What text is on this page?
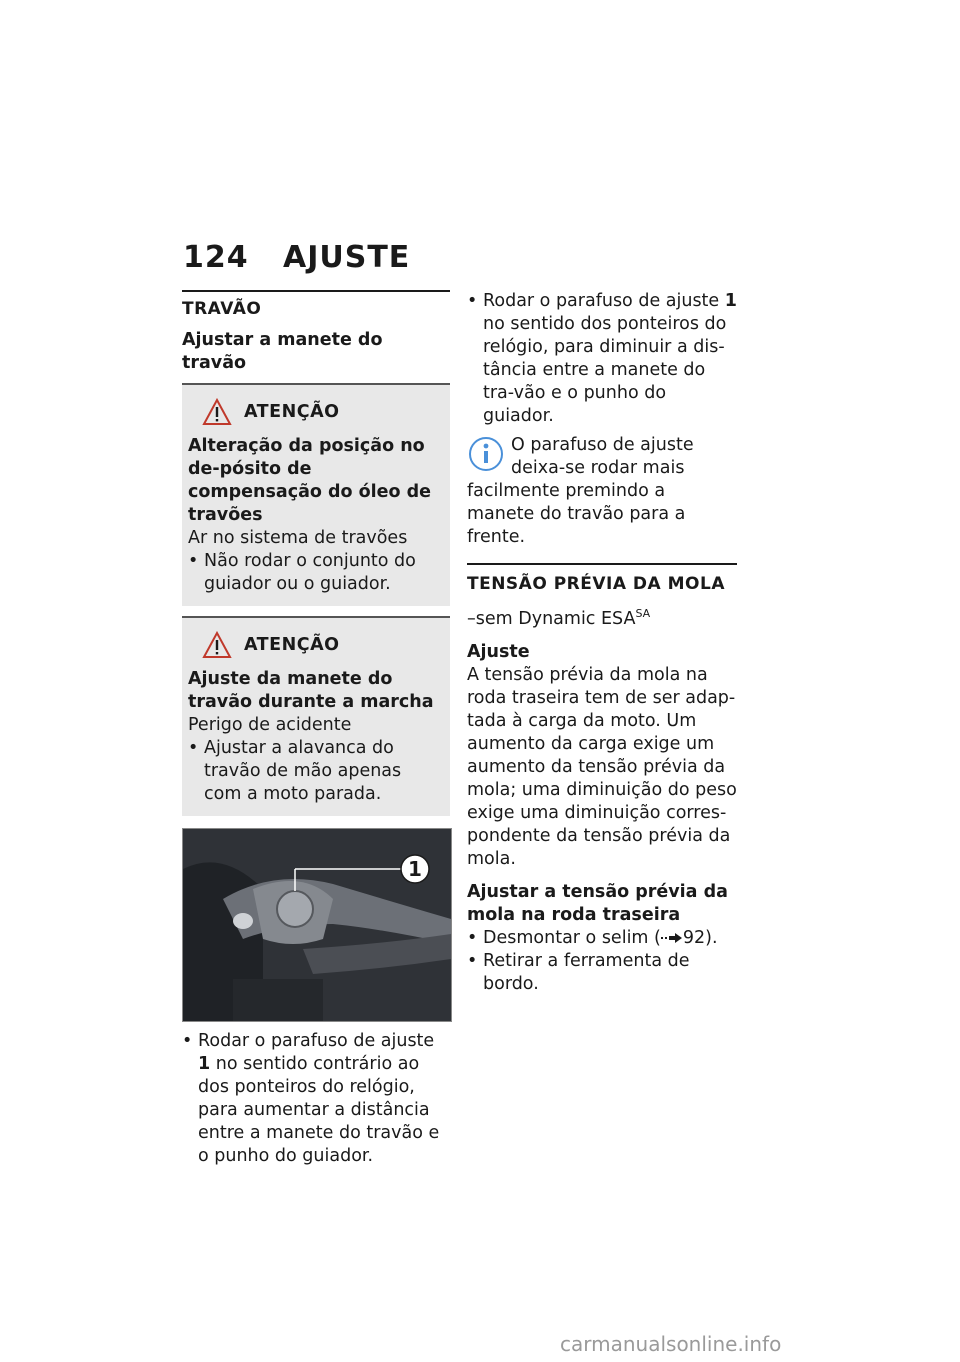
124 AJUSTE
TRAVÃO
Ajustar a manete do travão
ATENÇÃO
Alteração da posição no de-pósito de compensação do óleo de travões
Ar no sistema de travões
• Não rodar o conjunto do guiador ou o guiador.
ATENÇÃO
Ajuste da manete do travão durante a marcha
Perigo de acidente
• Ajustar a alavanca do travão de mão apenas com a moto parada.
1
• Rodar o parafuso de ajuste 1 no sentido contrário ao dos ponteiros do relógio, para aumentar a distância entre a manete do travão e o punho do guiador.
• Rodar o parafuso de ajuste 1 no sentido dos ponteiros do relógio, para diminuir a dis-tância entre a manete do tra-vão e o punho do guiador.
O parafuso de ajuste
deixa-se rodar mais
facilmente premindo a manete do travão para a frente.
TENSÃO PRÉVIA DA MOLA
–sem Dynamic $ESA^{SA}$
Ajuste
A tensão prévia da mola na roda traseira tem de ser adap-tada à carga da moto. Um aumento da carga exige um aumento da tensão prévia da mola; uma diminuição do peso exige uma diminuição corres-pondente da tensão prévia da mola.
Ajustar a tensão prévia da mola na roda traseira
• Desmontar o selim ( 92).
• Retirar a ferramenta de bordo.
carmanualsonline.info
